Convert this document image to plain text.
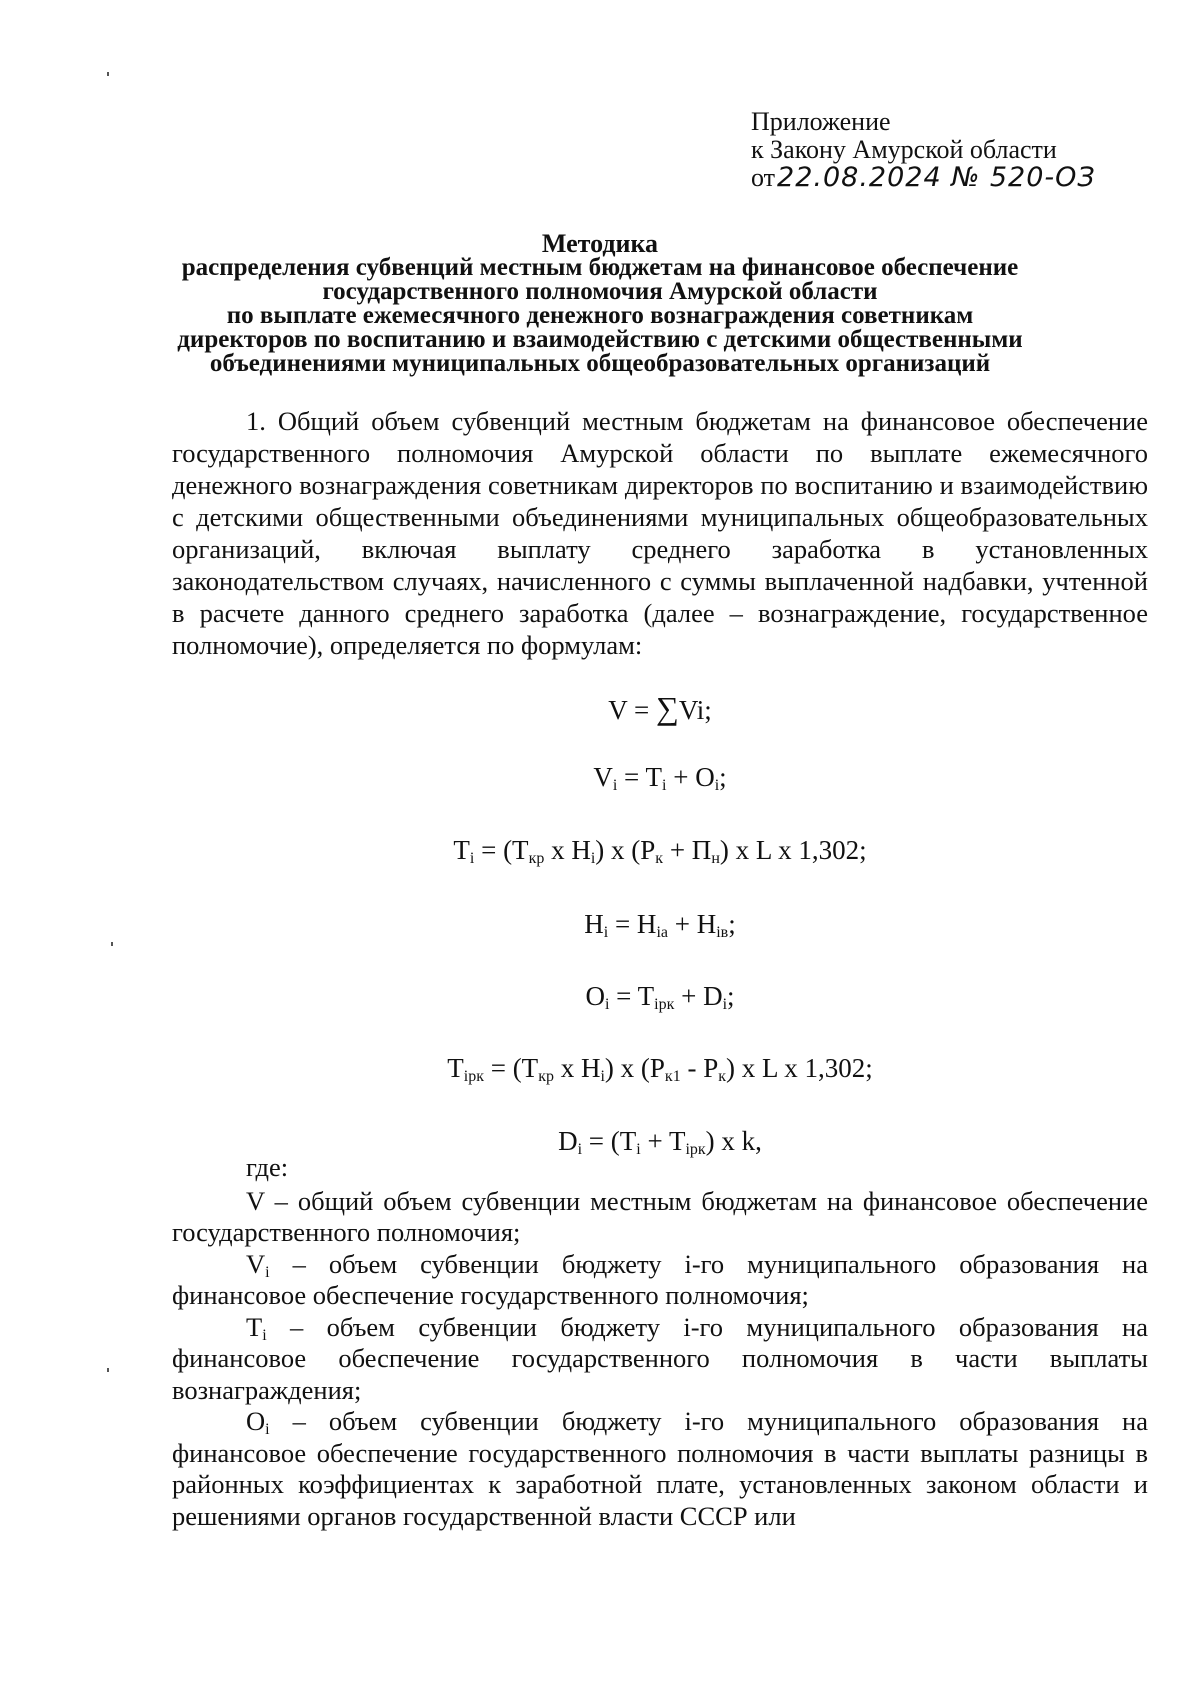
Приложение
к Закону Амурской области
от22.08.2024 № 520-ОЗ
Методика
распределения субвенций местным бюджетам на финансовое обеспечение
государственного полномочия Амурской области
по выплате ежемесячного денежного вознаграждения советникам
директоров по воспитанию и взаимодействию с детскими общественными
объединениями муниципальных общеобразовательных организаций

1. Общий объем субвенций местным бюджетам на финансовое обеспечение государственного полномочия Амурской области по выплате ежемесячного денежного вознаграждения советникам директоров по воспитанию и взаимодействию с детскими общественными объединениями муниципальных общеобразовательных организаций, включая выплату среднего заработка в установленных законодательством случаях, начисленного с суммы выплаченной надбавки, учтенной в расчете данного среднего заработка (далее – вознаграждение, государственное полномочие), определяется по формулам:

V = ∑Vi;
$V_i = T_i + O_i$;
$T_i = (T_{кр}$ x $H_i$) x $(P_к + П_н)$ x L x 1,302;
$H_i = H_{ia} + H_{iв}$;
$O_i = T_{iрк} + D_i$;
$T_{iрк} = (T_{кр}$ x $H_i$) x $(P_{к1} - P_к)$ x L x 1,302;
$D_i = (T_i + T_{iрк})$ x k,

где:

V – общий объем субвенции местным бюджетам на финансовое обеспечение государственного полномочия;

$V_i$ – объем субвенции бюджету i-го муниципального образования на финансовое обеспечение государственного полномочия;

$T_i$ – объем субвенции бюджету i-го муниципального образования на финансовое обеспечение государственного полномочия в части выплаты вознаграждения;

$O_i$ – объем субвенции бюджету i-го муниципального образования на финансовое обеспечение государственного полномочия в части выплаты разницы в районных коэффициентах к заработной плате, установленных законом области и решениями органов государственной власти СССР или
